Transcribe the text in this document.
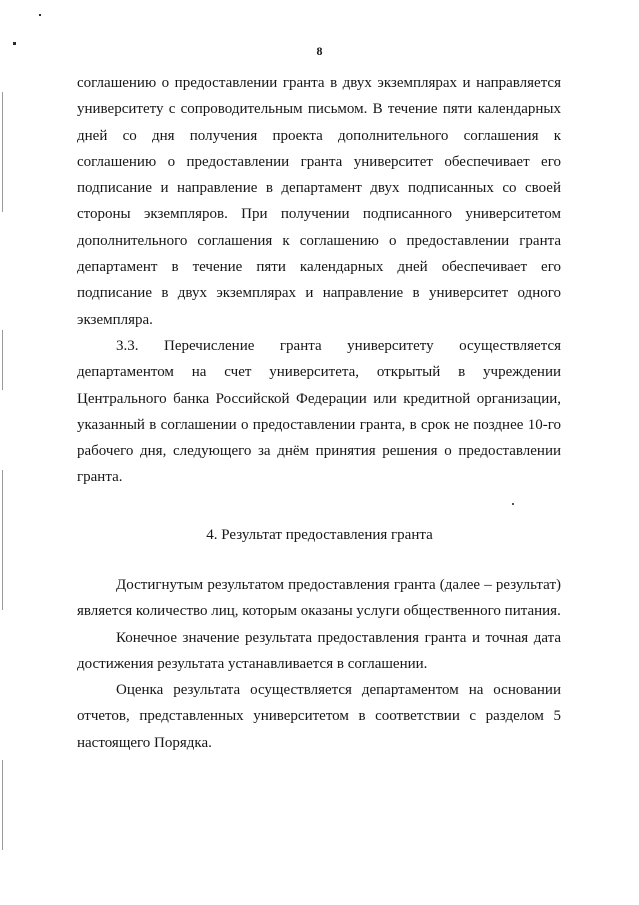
8

соглашению о предоставлении гранта в двух экземплярах и направляется университету с сопроводительным письмом. В течение пяти календарных дней со дня получения проекта дополнительного соглашения к соглашению о предоставлении гранта университет обеспечивает его подписание и направление в департамент двух подписанных со своей стороны экземпляров. При получении подписанного университетом дополнительного соглашения к соглашению о предоставлении гранта департамент в течение пяти календарных дней обеспечивает его подписание в двух экземплярах и направление в университет одного экземпляра.

3.3. Перечисление гранта университету осуществляется департаментом на счет университета, открытый в учреждении Центрального банка Российской Федерации или кредитной организации, указанный в соглашении о предоставлении гранта, в срок не позднее 10-го рабочего дня, следующего за днём принятия решения о предоставлении гранта.

4. Результат предоставления гранта

Достигнутым результатом предоставления гранта (далее – результат) является количество лиц, которым оказаны услуги общественного питания.

Конечное значение результата предоставления гранта и точная дата достижения результата устанавливается в соглашении.

Оценка результата осуществляется департаментом на основании отчетов, представленных университетом в соответствии с разделом 5 настоящего Порядка.
